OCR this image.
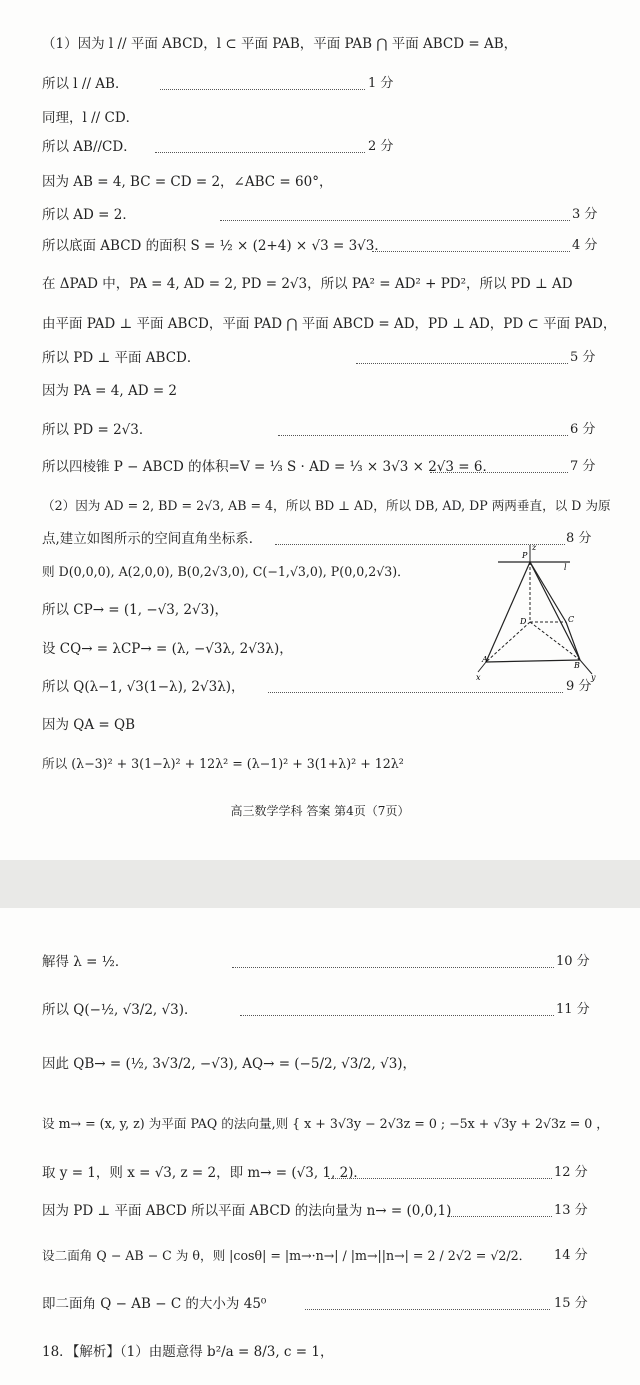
（1）因为 l // 平面 ABCD，l ⊂ 平面 PAB，平面 PAB ⋂ 平面 ABCD = AB，
所以 l // AB．	1 分
同理，l // CD．
所以 AB//CD．	2 分
因为 AB = 4, BC = CD = 2，∠ABC = 60°，
所以 AD = 2．	3 分
所以底面 ABCD 的面积 S = ½ × (2+4) × √3 = 3√3．	4 分
在 ΔPAD 中，PA = 4, AD = 2, PD = 2√3，所以 PA² = AD² + PD²，所以 PD ⊥ AD
由平面 PAD ⊥ 平面 ABCD，平面 PAD ⋂ 平面 ABCD = AD，PD ⊥ AD，PD ⊂ 平面 PAD，
所以 PD ⊥ 平面 ABCD．	5 分
因为 PA = 4, AD = 2
所以 PD = 2√3．	6 分
所以四棱锥 P − ABCD 的体积=V = ⅓ S · AD = ⅓ × 3√3 × 2√3 = 6．	7 分
（2）因为 AD = 2, BD = 2√3, AB = 4，所以 BD ⊥ AD，所以 DB, AD, DP 两两垂直，以 D 为原
点,建立如图所示的空间直角坐标系．	8 分
则 D(0,0,0), A(2,0,0), B(0,2√3,0), C(−1,√3,0), P(0,0,2√3)．
所以 CP→ = (1, −√3, 2√3)，
设 CQ→ = λCP→ = (λ, −√3λ, 2√3λ)，
所以 Q(λ−1, √3(1−λ), 2√3λ)，	9 分
因为 QA = QB
所以 (λ−3)² + 3(1−λ)² + 12λ² = (λ−1)² + 3(1+λ)² + 12λ²
P
z
l
D	C
A
B
x	y
高三数学学科 答案 第4页（7页）
解得 λ = ½．	10 分
所以 Q(−½, √3/2, √3)．	11 分
因此 QB→ = (½, 3√3/2, −√3), AQ→ = (−5/2, √3/2, √3)，
设 m→ = (x, y, z) 为平面 PAQ 的法向量,则 { x + 3√3y − 2√3z = 0 ; −5x + √3y + 2√3z = 0 ，
取 y = 1，则 x = √3, z = 2，即 m→ = (√3, 1, 2)．	12 分
因为 PD ⊥ 平面 ABCD 所以平面 ABCD 的法向量为 n→ = (0,0,1)	13 分
设二面角 Q − AB − C 为 θ，则 |cosθ| = |m→·n→| / |m→||n→| = 2 / 2√2 = √2/2． 14 分
即二面角 Q − AB − C 的大小为 45⁰	15 分
18．【解析】（1）由题意得 b²/a = 8/3, c = 1，
